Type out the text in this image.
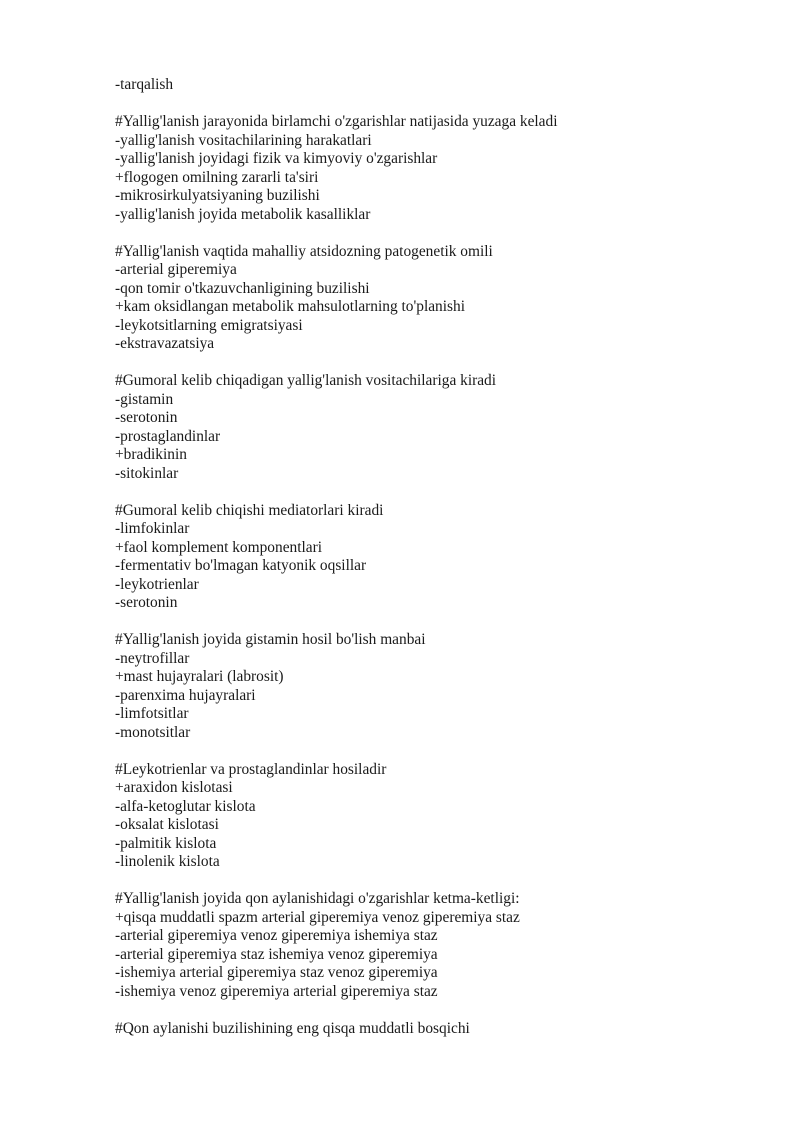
-tarqalish
#Yallig'lanish jarayonida birlamchi o'zgarishlar natijasida yuzaga keladi
-yallig'lanish vositachilarining harakatlari
-yallig'lanish joyidagi fizik va kimyoviy o'zgarishlar
+flogogen omilning zararli ta'siri
-mikrosirkulyatsiyaning buzilishi
-yallig'lanish joyida metabolik kasalliklar
#Yallig'lanish vaqtida mahalliy atsidozning patogenetik omili
-arterial giperemiya
-qon tomir o'tkazuvchanligining buzilishi
+kam oksidlangan metabolik mahsulotlarning to'planishi
-leykotsitlarning emigratsiyasi
-ekstravazatsiya
#Gumoral kelib chiqadigan yallig'lanish vositachilariga kiradi
-gistamin
-serotonin
-prostaglandinlar
+bradikinin
-sitokinlar
#Gumoral kelib chiqishi mediatorlari kiradi
-limfokinlar
+faol komplement komponentlari
-fermentativ bo'lmagan katyonik oqsillar
-leykotrienlar
-serotonin
#Yallig'lanish joyida gistamin hosil bo'lish manbai
-neytrofillar
+mast hujayralari (labrosit)
-parenxima hujayralari
-limfotsitlar
-monotsitlar
#Leykotrienlar va prostaglandinlar hosiladir
+araxidon kislotasi
-alfa-ketoglutar kislota
-oksalat kislotasi
-palmitik kislota
-linolenik kislota
#Yallig'lanish joyida qon aylanishidagi o'zgarishlar ketma-ketligi:
+qisqa muddatli spazm arterial giperemiya venoz giperemiya staz
-arterial giperemiya venoz giperemiya ishemiya staz
-arterial giperemiya staz ishemiya venoz giperemiya
-ishemiya arterial giperemiya staz venoz giperemiya
-ishemiya venoz giperemiya arterial giperemiya staz
#Qon aylanishi buzilishining eng qisqa muddatli bosqichi
